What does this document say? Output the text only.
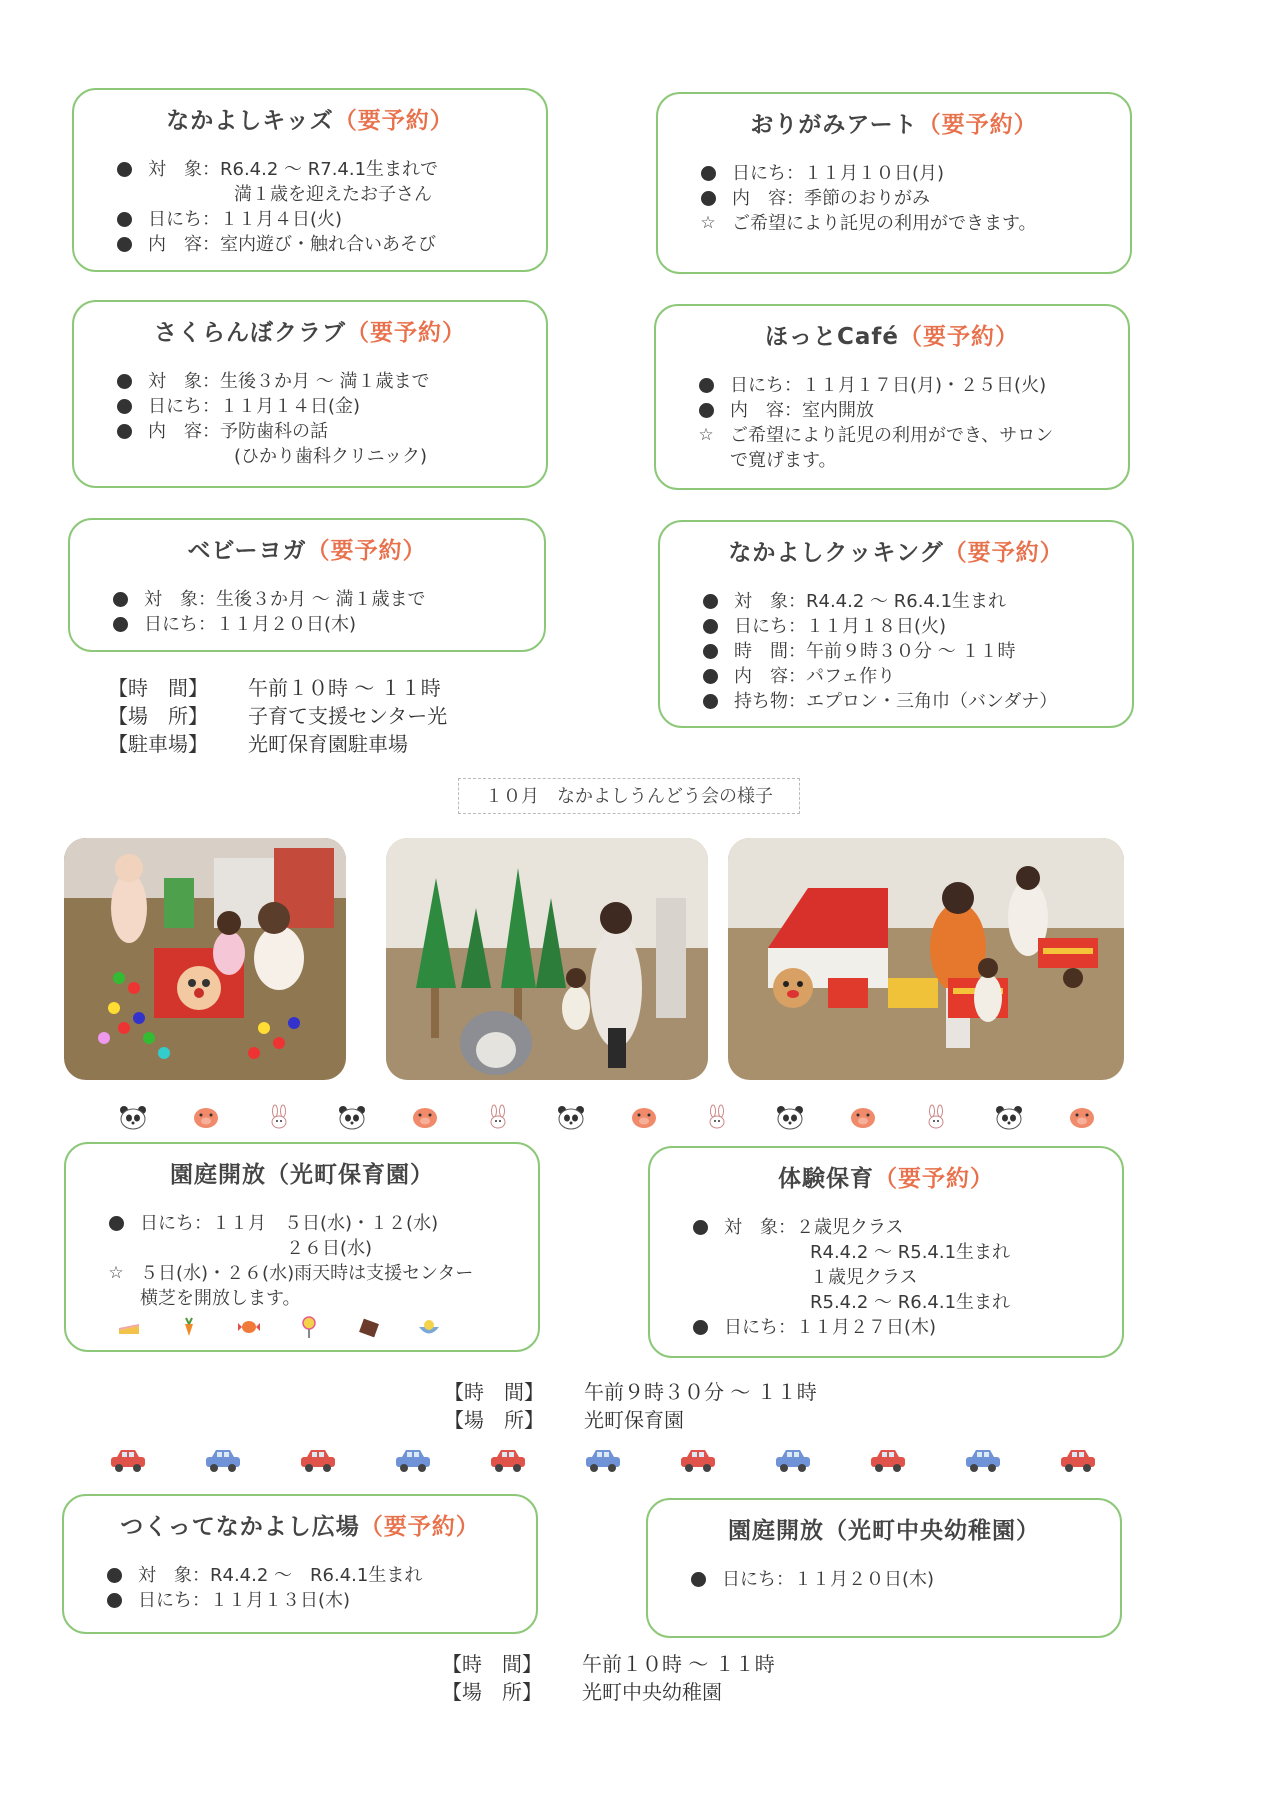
なかよしキッズ（要予約）
対　象：R6.4.2 ～ R7.4.1生まれで
満１歳を迎えたお子さん
日にち：１１月４日(火)
内　容：室内遊び・触れ合いあそび
おりがみアート（要予約）
日にち：１１月１０日(月)
内　容：季節のおりがみ
☆ ご希望により託児の利用ができます。
さくらんぼクラブ（要予約）
対　象：生後３か月 ～ 満１歳まで
日にち：１１月１４日(金)
内　容：予防歯科の話
(ひかり歯科クリニック)
ほっとCafé（要予約）
日にち：１１月１７日(月)・２５日(火)
内　容：室内開放
☆ ご希望により託児の利用ができ、サロン
で寛げます。
ベビーヨガ（要予約）
対　象：生後３か月 ～ 満１歳まで
日にち：１１月２０日(木)
なかよしクッキング（要予約）
対　象：R4.4.2 ～ R6.4.1生まれ
日にち：１１月１８日(火)
時　間：午前９時３０分 ～ １１時
内　容：パフェ作り
持ち物：エプロン・三角巾（バンダナ）
【時　間】 午前１０時 ～ １１時
【場　所】 子育て支援センター光
【駐車場】 光町保育園駐車場
１０月　なかよしうんどう会の様子
園庭開放（光町保育園）
日にち：１１月　５日(水)・１２(水)
２６日(水)
☆ ５日(水)・２６(水)雨天時は支援センター
横芝を開放します。
体験保育（要予約）
対　象：２歳児クラス
R4.4.2 ～ R5.4.1生まれ
１歳児クラス
R5.4.2 ～ R6.4.1生まれ
日にち：１１月２７日(木)
【時　間】 午前９時３０分 ～ １１時
【場　所】 光町保育園
つくってなかよし広場（要予約）
対　象：R4.4.2 ～　R6.4.1生まれ
日にち：１１月１３日(木)
園庭開放（光町中央幼稚園）
日にち：１１月２０日(木)
【時　間】 午前１０時 ～ １１時
【場　所】 光町中央幼稚園
